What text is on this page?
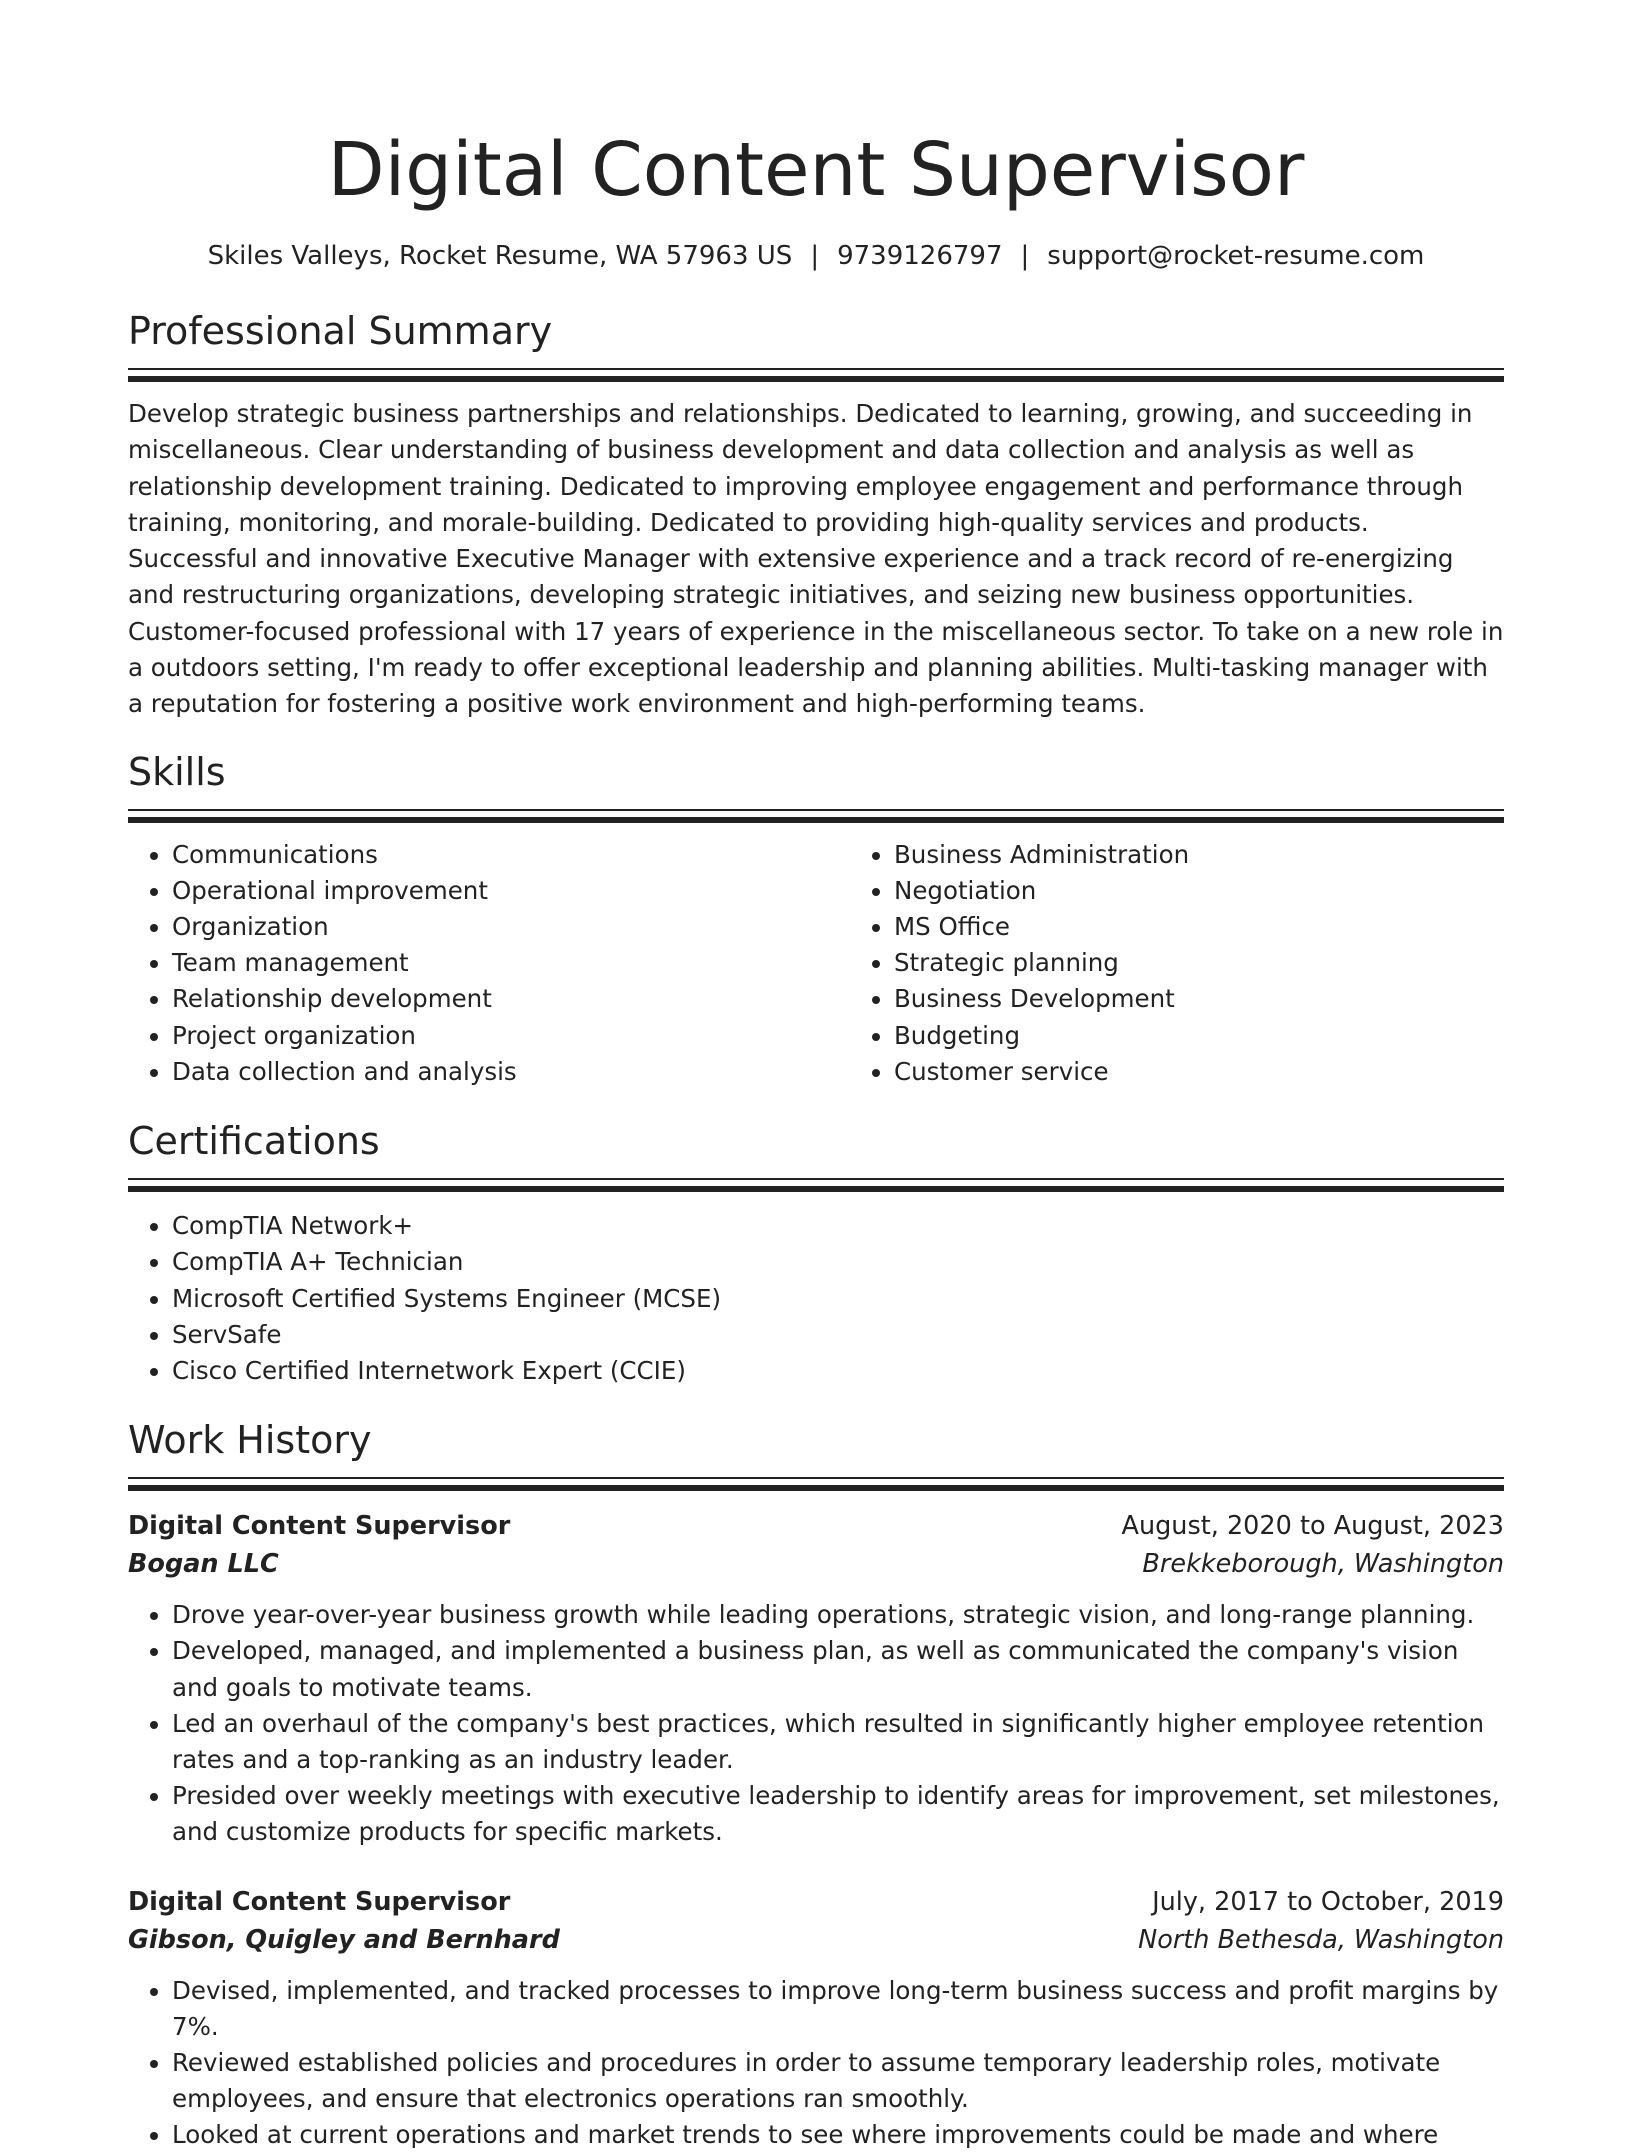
Digital Content Supervisor
Skiles Valleys, Rocket Resume, WA 57963 US | 9739126797 | support@rocket-resume.com
Professional Summary

Develop strategic business partnerships and relationships. Dedicated to learning, growing, and succeeding in miscellaneous. Clear understanding of business development and data collection and analysis as well as relationship development training. Dedicated to improving employee engagement and performance through training, monitoring, and morale-building. Dedicated to providing high-quality services and products. Successful and innovative Executive Manager with extensive experience and a track record of re-energizing and restructuring organizations, developing strategic initiatives, and seizing new business opportunities. Customer-focused professional with 17 years of experience in the miscellaneous sector. To take on a new role in a outdoors setting, I'm ready to offer exceptional leadership and planning abilities. Multi-tasking manager with a reputation for fostering a positive work environment and high-performing teams.

Skills
• Communications
• Operational improvement
• Organization
• Team management
• Relationship development
• Project organization
• Data collection and analysis
• Business Administration
• Negotiation
• MS Office
• Strategic planning
• Business Development
• Budgeting
• Customer service
Certifications
• CompTIA Network+
• CompTIA A+ Technician
• Microsoft Certified Systems Engineer (MCSE)
• ServSafe
• Cisco Certified Internetwork Expert (CCIE)
Work History
Digital Content Supervisor	August, 2020 to August, 2023
Bogan LLC	Brekkeborough, Washington
• Drove year-over-year business growth while leading operations, strategic vision, and long-range planning.
• Developed, managed, and implemented a business plan, as well as communicated the company's vision and goals to motivate teams.
• Led an overhaul of the company's best practices, which resulted in significantly higher employee retention rates and a top-ranking as an industry leader.
• Presided over weekly meetings with executive leadership to identify areas for improvement, set milestones, and customize products for specific markets.
Digital Content Supervisor	July, 2017 to October, 2019
Gibson, Quigley and Bernhard	North Bethesda, Washington
• Devised, implemented, and tracked processes to improve long-term business success and profit margins by 7%.
• Reviewed established policies and procedures in order to assume temporary leadership roles, motivate employees, and ensure that electronics operations ran smoothly.
• Looked at current operations and market trends to see where improvements could be made and where
